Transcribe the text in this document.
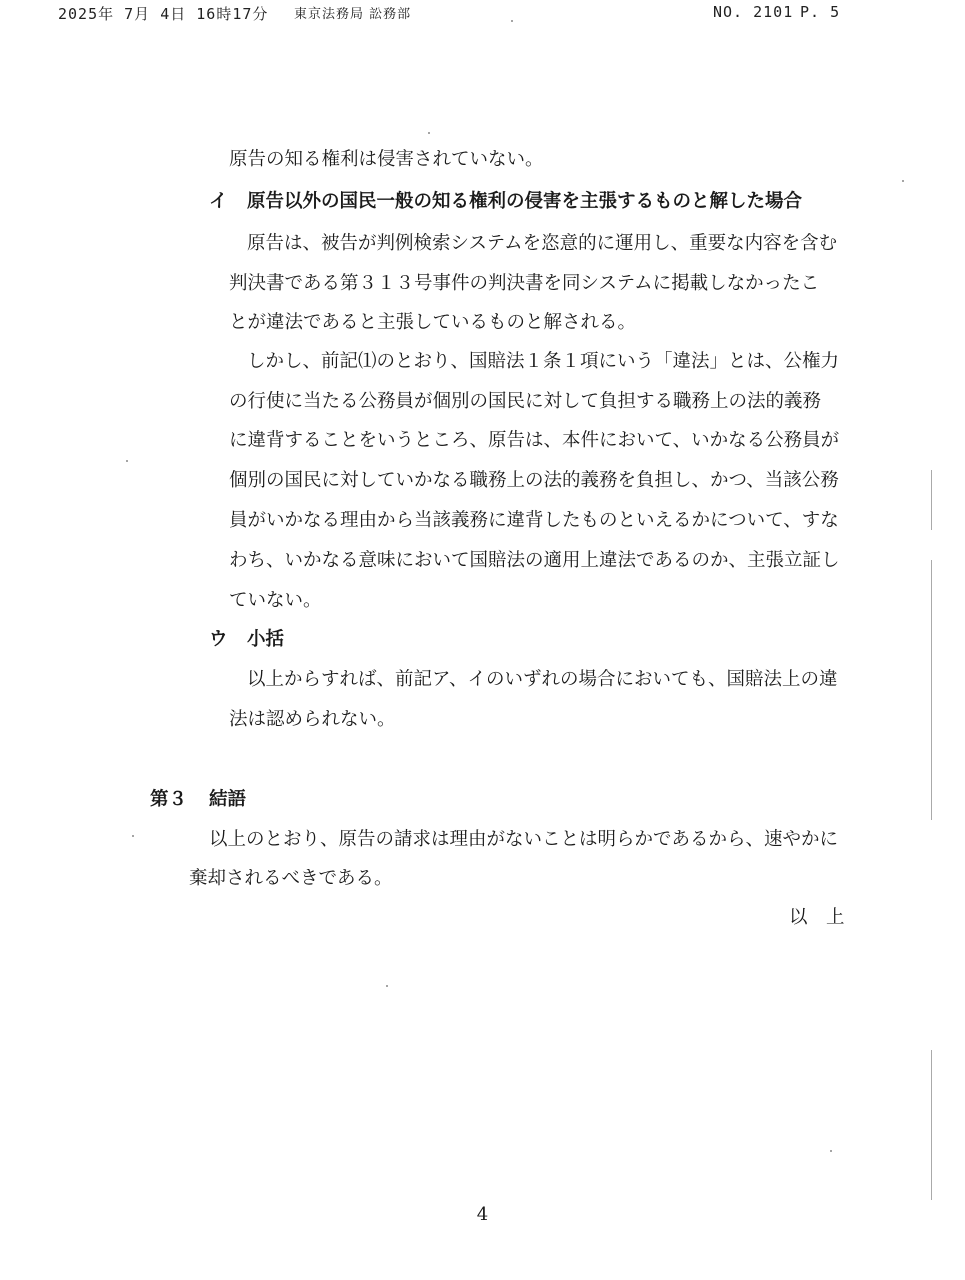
2025年 7月 4日 16時17分 東京法務局 訟務部	NO. 2101 P. 5
原告の知る権利は侵害されていない。
イ 原告以外の国民一般の知る権利の侵害を主張するものと解した場合
原告は、被告が判例検索システムを恣意的に運用し、重要な内容を含む
判決書である第３１３号事件の判決書を同システムに掲載しなかったこ
とが違法であると主張しているものと解される。
しかし、前記⑴のとおり、国賠法１条１項にいう「違法」とは、公権力
の行使に当たる公務員が個別の国民に対して負担する職務上の法的義務
に違背することをいうところ、原告は、本件において、いかなる公務員が
個別の国民に対していかなる職務上の法的義務を負担し、かつ、当該公務
員がいかなる理由から当該義務に違背したものといえるかについて、すな
わち、いかなる意味において国賠法の適用上違法であるのか、主張立証し
ていない。
ウ 小括
以上からすれば、前記ア、イのいずれの場合においても、国賠法上の違
法は認められない。
第３ 結語
以上のとおり、原告の請求は理由がないことは明らかであるから、速やかに
棄却されるべきである。
以　上
4
